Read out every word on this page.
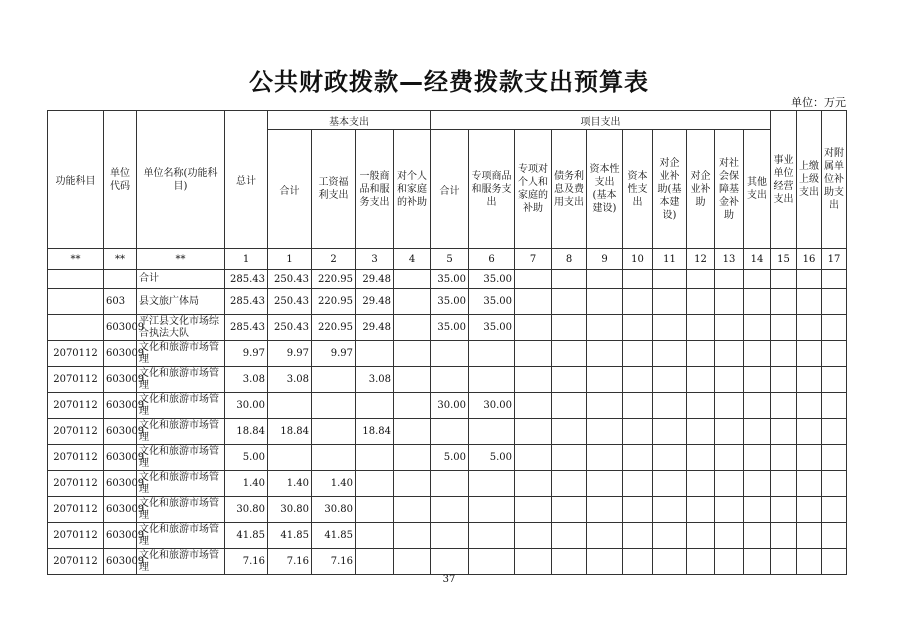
公共财政拨款—经费拨款支出预算表
单位：万元
功能科目	单位代码	单位名称(功能科目)	总计	基本支出				项目支出										事业单位经营支出	上缴上级支出	对附属单位补助支出
				合计	工资福利支出	一般商品和服务支出	对个人和家庭的补助	合计	专项商品和服务支出	专项对个人和家庭的补助	债务利息及费用支出	资本性支出(基本建设)	资本性支出	对企业补助(基本建设)	对企业补助	对社会保障基金补助	其他支出			
**	**	**	1	1	2	3	4	5	6	7	8	9	10	11	12	13	14	15	16	17
		合计	285.43	250.43	220.95	29.48		35.00	35.00											
	603	县文旅广体局	285.43	250.43	220.95	29.48		35.00	35.00											
	603009	平江县文化市场综合执法大队	285.43	250.43	220.95	29.48		35.00	35.00											
2070112	603009	文化和旅游市场管理	9.97	9.97	9.97															
2070112	603009	文化和旅游市场管理	3.08	3.08		3.08														
2070112	603009	文化和旅游市场管理	30.00					30.00	30.00											
2070112	603009	文化和旅游市场管理	18.84	18.84		18.84														
2070112	603009	文化和旅游市场管理	5.00					5.00	5.00											
2070112	603009	文化和旅游市场管理	1.40	1.40	1.40															
2070112	603009	文化和旅游市场管理	30.80	30.80	30.80															
2070112	603009	文化和旅游市场管理	41.85	41.85	41.85															
2070112	603009	文化和旅游市场管理	7.16	7.16	7.16															
37
